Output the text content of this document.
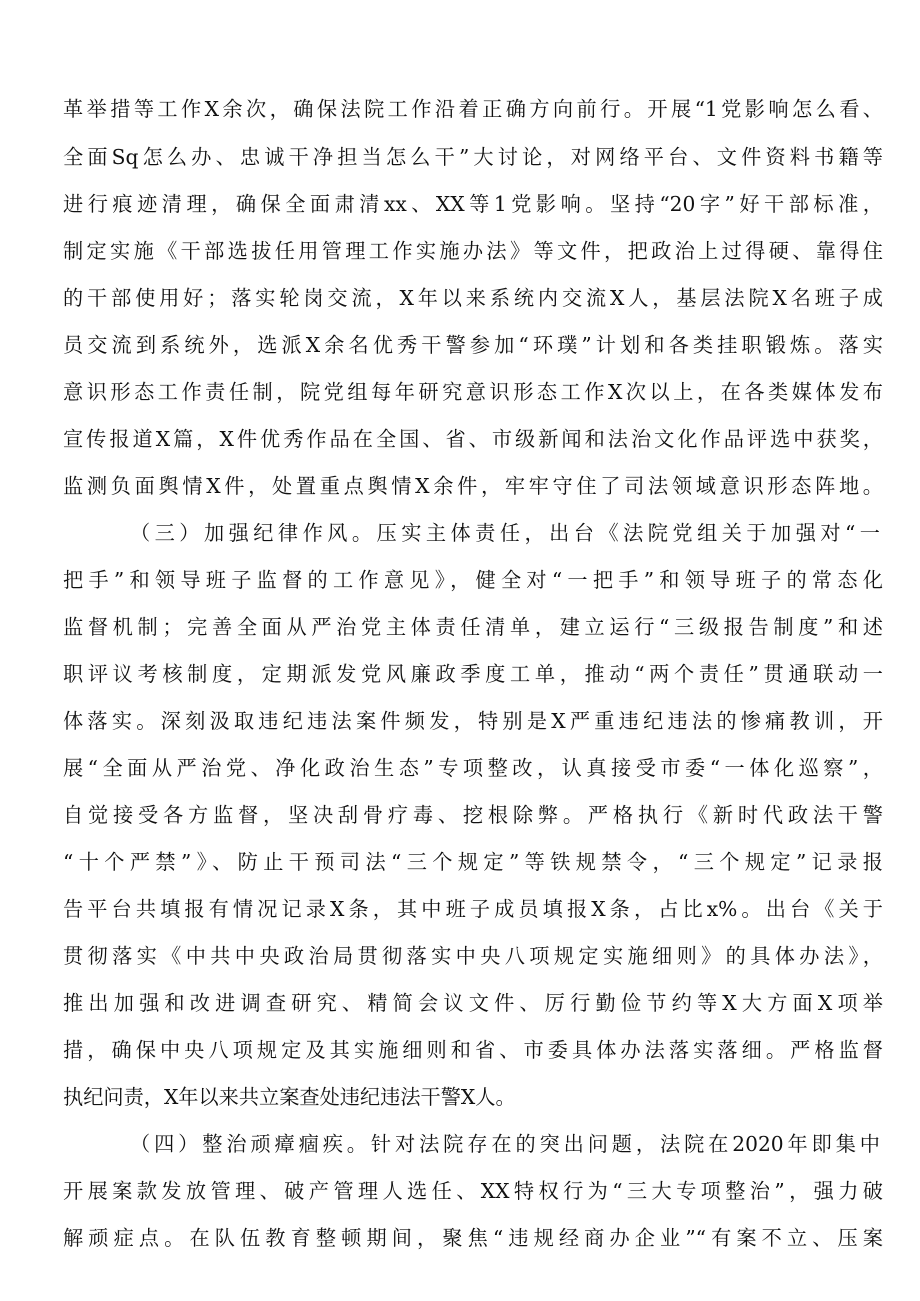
革举措等工作X余次，确保法院工作沿着正确方向前行。开展“1党影响怎么看、
全面Sq怎么办、忠诚干净担当怎么干”大讨论，对网络平台、文件资料书籍等
进行痕迹清理，确保全面肃清xx、XX等1党影响。坚持“20字”好干部标准，
制定实施《干部选拔任用管理工作实施办法》等文件，把政治上过得硬、靠得住
的干部使用好；落实轮岗交流，X年以来系统内交流X人，基层法院X名班子成
员交流到系统外，选派X余名优秀干警参加“环璞”计划和各类挂职锻炼。落实
意识形态工作责任制，院党组每年研究意识形态工作X次以上，在各类媒体发布
宣传报道X篇，X件优秀作品在全国、省、市级新闻和法治文化作品评选中获奖，
监测负面舆情X件，处置重点舆情X余件，牢牢守住了司法领域意识形态阵地。
（三）加强纪律作风。压实主体责任，出台《法院党组关于加强对“一
把手”和领导班子监督的工作意见》，健全对“一把手”和领导班子的常态化
监督机制；完善全面从严治党主体责任清单，建立运行“三级报告制度”和述
职评议考核制度，定期派发党风廉政季度工单，推动“两个责任”贯通联动一
体落实。深刻汲取违纪违法案件频发，特别是X严重违纪违法的惨痛教训，开
展“全面从严治党、净化政治生态”专项整改，认真接受市委“一体化巡察”，
自觉接受各方监督，坚决刮骨疗毒、挖根除弊。严格执行《新时代政法干警
“十个严禁”》、防止干预司法“三个规定”等铁规禁令，“三个规定”记录报
告平台共填报有情况记录X条，其中班子成员填报X条，占比x%。出台《关于
贯彻落实《中共中央政治局贯彻落实中央八项规定实施细则》的具体办法》，
推出加强和改进调查研究、精简会议文件、厉行勤俭节约等X大方面X项举
措，确保中央八项规定及其实施细则和省、市委具体办法落实落细。严格监督
执纪问责，X年以来共立案查处违纪违法干警X人。
（四）整治顽瘴痼疾。针对法院存在的突出问题，法院在2020年即集中
开展案款发放管理、破产管理人选任、XX特权行为“三大专项整治”，强力破
解顽症点。在队伍教育整顿期间，聚焦“违规经商办企业”“有案不立、压案
